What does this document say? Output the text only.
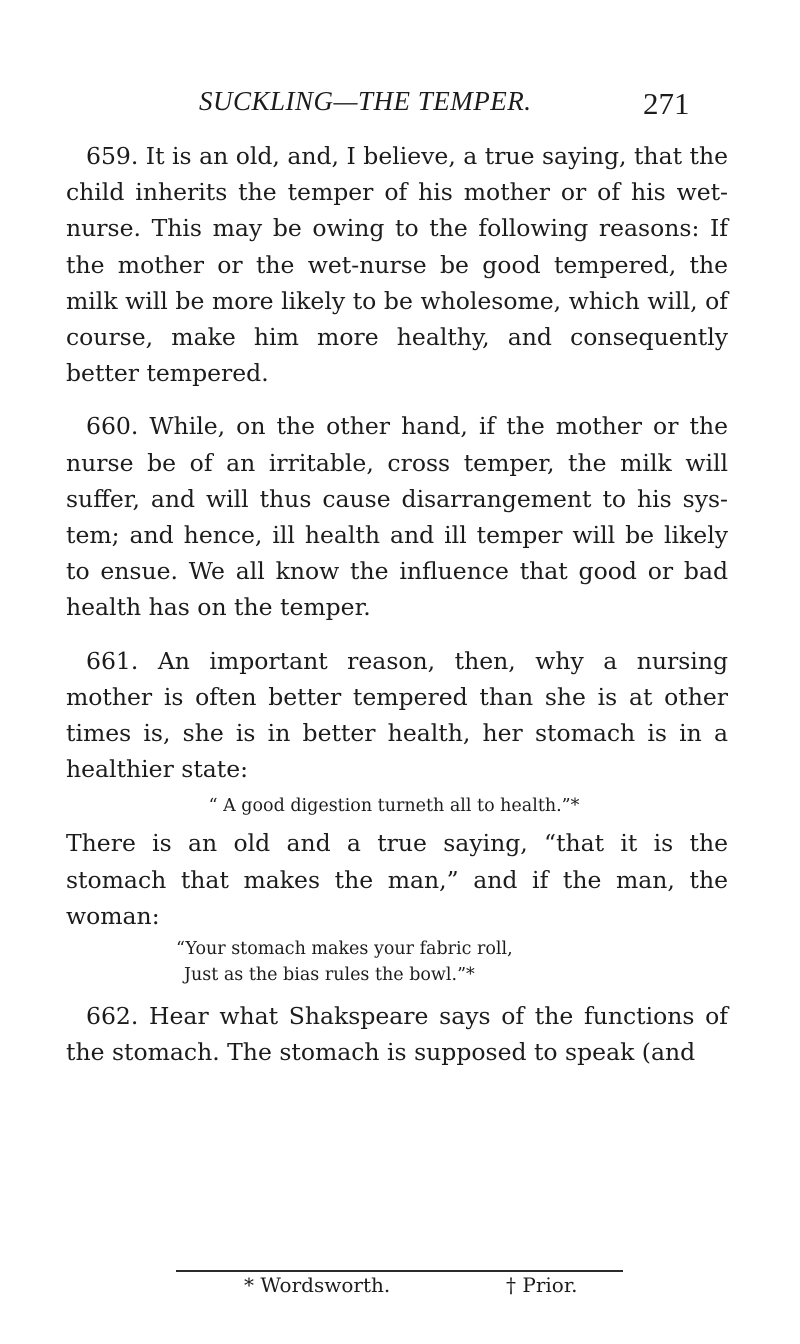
SUCKLING—THE TEMPER.	271

659. It is an old, and, I believe, a true saying, that the child inherits the temper of his mother or of his wet-nurse. This may be owing to the following reasons: If the mother or the wet-nurse be good tempered, the milk will be more likely to be wholesome, which will, of course, make him more healthy, and consequently better tempered.

660. While, on the other hand, if the mother or the nurse be of an irritable, cross temper, the milk will suffer, and will thus cause disarrangement to his system; and hence, ill health and ill temper will be likely to ensue. We all know the influence that good or bad health has on the temper.

661. An important reason, then, why a nursing mother is often better tempered than she is at other times is, she is in better health, her stomach is in a healthier state:

“ A good digestion turneth all to health.”*

There is an old and a true saying, “that it is the stomach that makes the man,” and if the man, the woman:

“Your stomach makes your fabric roll,
Just as the bias rules the bowl.”*

662. Hear what Shakspeare says of the functions of the stomach. The stomach is supposed to speak (and

* Wordsworth.	† Prior.
